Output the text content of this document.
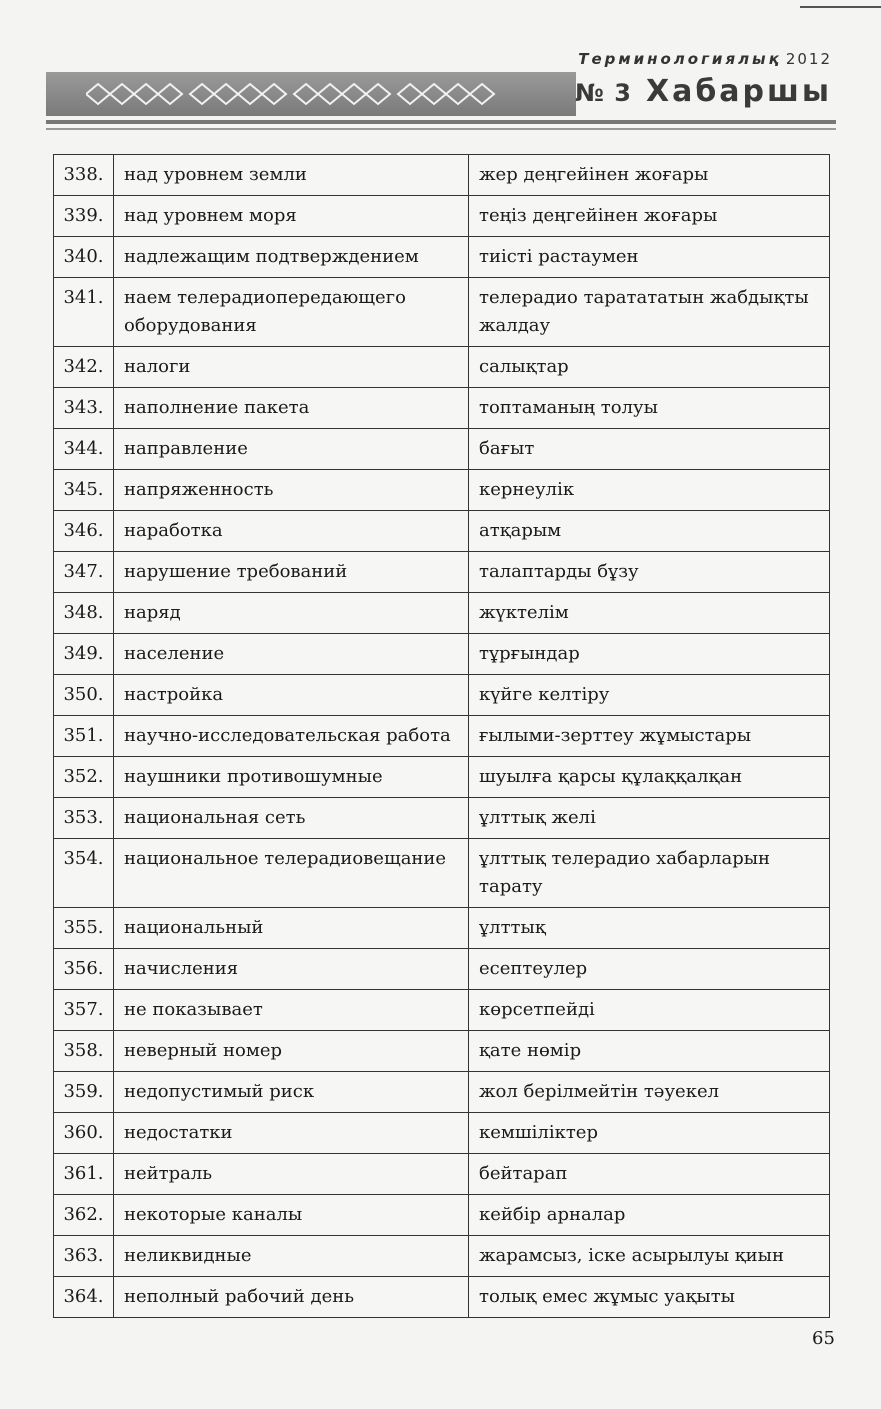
Терминологиялық 2012
№ 3 Хабаршы
338.	над уровнем земли	жер деңгейінен жоғары
339.	над уровнем моря	теңіз деңгейінен жоғары
340.	надлежащим подтверждением	тиісті растаумен
341.	наем телерадиопередающего оборудования	телерадио таратататын жабдықты жалдау
342.	налоги	салықтар
343.	наполнение пакета	топтаманың толуы
344.	направление	бағыт
345.	напряженность	кернеулік
346.	наработка	атқарым
347.	нарушение требований	талаптарды бұзу
348.	наряд	жүктелім
349.	население	тұрғындар
350.	настройка	күйге келтіру
351.	научно-исследовательская работа	ғылыми-зерттеу жұмыстары
352.	наушники противошумные	шуылға қарсы құлаққалқан
353.	национальная сеть	ұлттық желі
354.	национальное телерадиовещание	ұлттық телерадио хабарларын тарату
355.	национальный	ұлттық
356.	начисления	есептеулер
357.	не показывает	көрсетпейді
358.	неверный номер	қате нөмір
359.	недопустимый риск	жол берілмейтін тәуекел
360.	недостатки	кемшіліктер
361.	нейтраль	бейтарап
362.	некоторые каналы	кейбір арналар
363.	неликвидные	жарамсыз, іске асырылуы қиын
364.	неполный рабочий день	толық емес жұмыс уақыты
65
